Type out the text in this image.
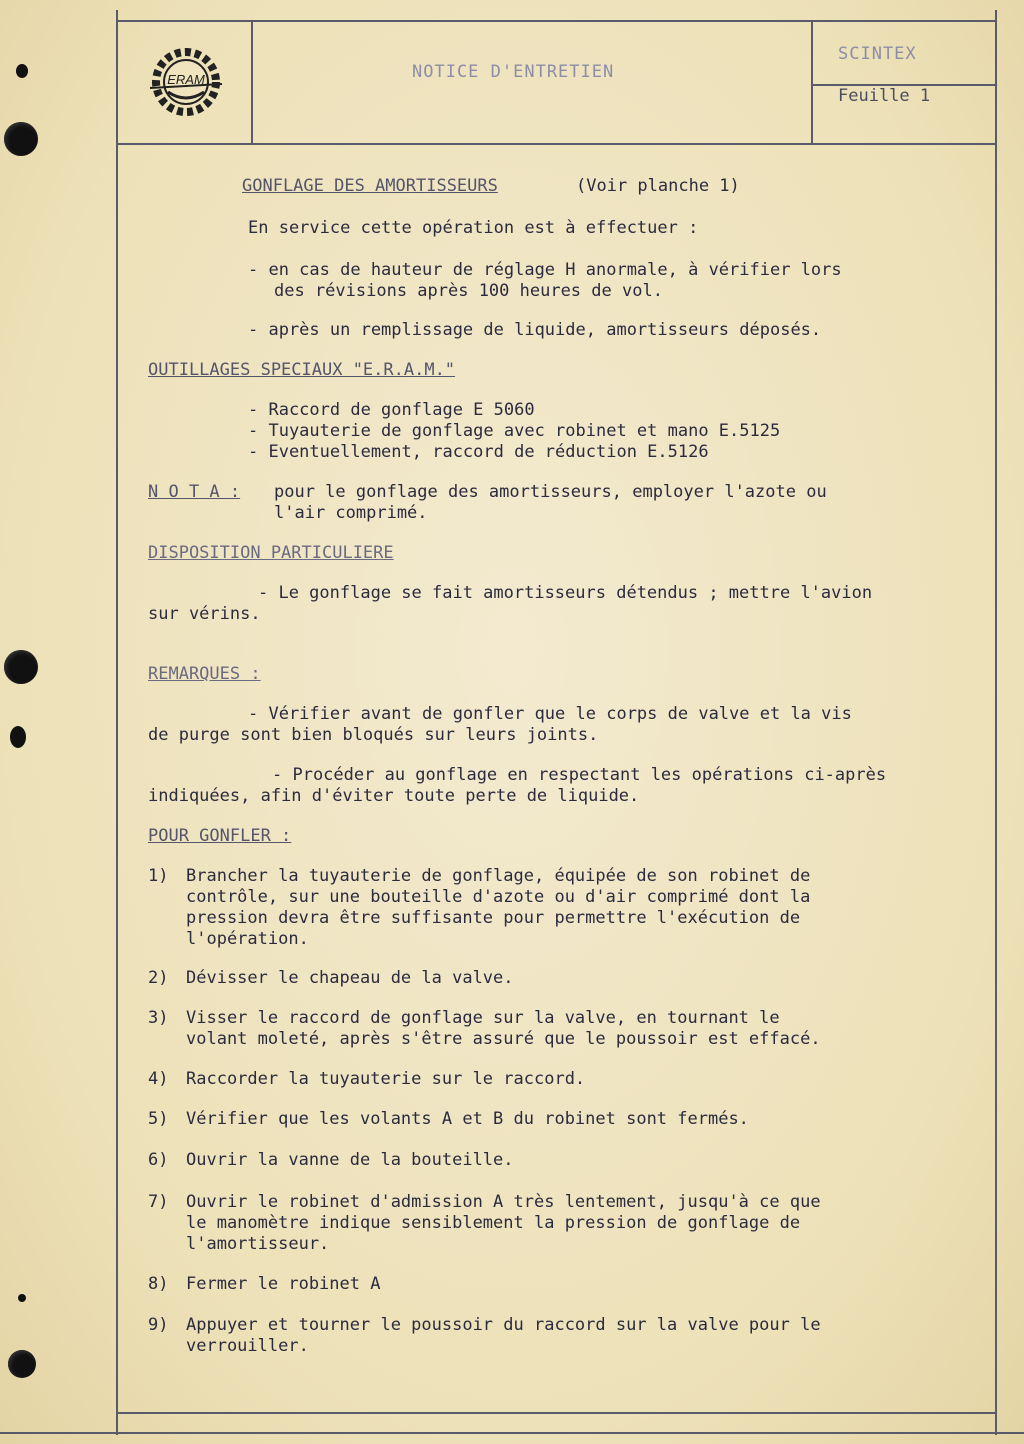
ERAM	NOTICE D'ENTRETIEN
SCINTEX
Feuille 1
GONFLAGE DES AMORTISSEURS	(Voir planche 1)
En service cette opération est à effectuer :
- en cas de hauteur de réglage H anormale, à vérifier lors
des révisions après 100 heures de vol.
- après un remplissage de liquide, amortisseurs déposés.
OUTILLAGES SPECIAUX "E.R.A.M."
- Raccord de gonflage E 5060
- Tuyauterie de gonflage avec robinet et mano E.5125
- Eventuellement, raccord de réduction E.5126
N O T A : pour le gonflage des amortisseurs, employer l'azote ou
l'air comprimé.
DISPOSITION PARTICULIERE
- Le gonflage se fait amortisseurs détendus ; mettre l'avion
sur vérins.
REMARQUES :
- Vérifier avant de gonfler que le corps de valve et la vis
de purge sont bien bloqués sur leurs joints.
- Procéder au gonflage en respectant les opérations ci-après
indiquées, afin d'éviter toute perte de liquide.
POUR GONFLER :
1) Brancher la tuyauterie de gonflage, équipée de son robinet de
contrôle, sur une bouteille d'azote ou d'air comprimé dont la
pression devra être suffisante pour permettre l'exécution de
l'opération.
2) Dévisser le chapeau de la valve.
3) Visser le raccord de gonflage sur la valve, en tournant le
volant moleté, après s'être assuré que le poussoir est effacé.
4) Raccorder la tuyauterie sur le raccord.
5) Vérifier que les volants A et B du robinet sont fermés.
6) Ouvrir la vanne de la bouteille.
7) Ouvrir le robinet d'admission A très lentement, jusqu'à ce que
le manomètre indique sensiblement la pression de gonflage de
l'amortisseur.
8) Fermer le robinet A
9) Appuyer et tourner le poussoir du raccord sur la valve pour le
verrouiller.
